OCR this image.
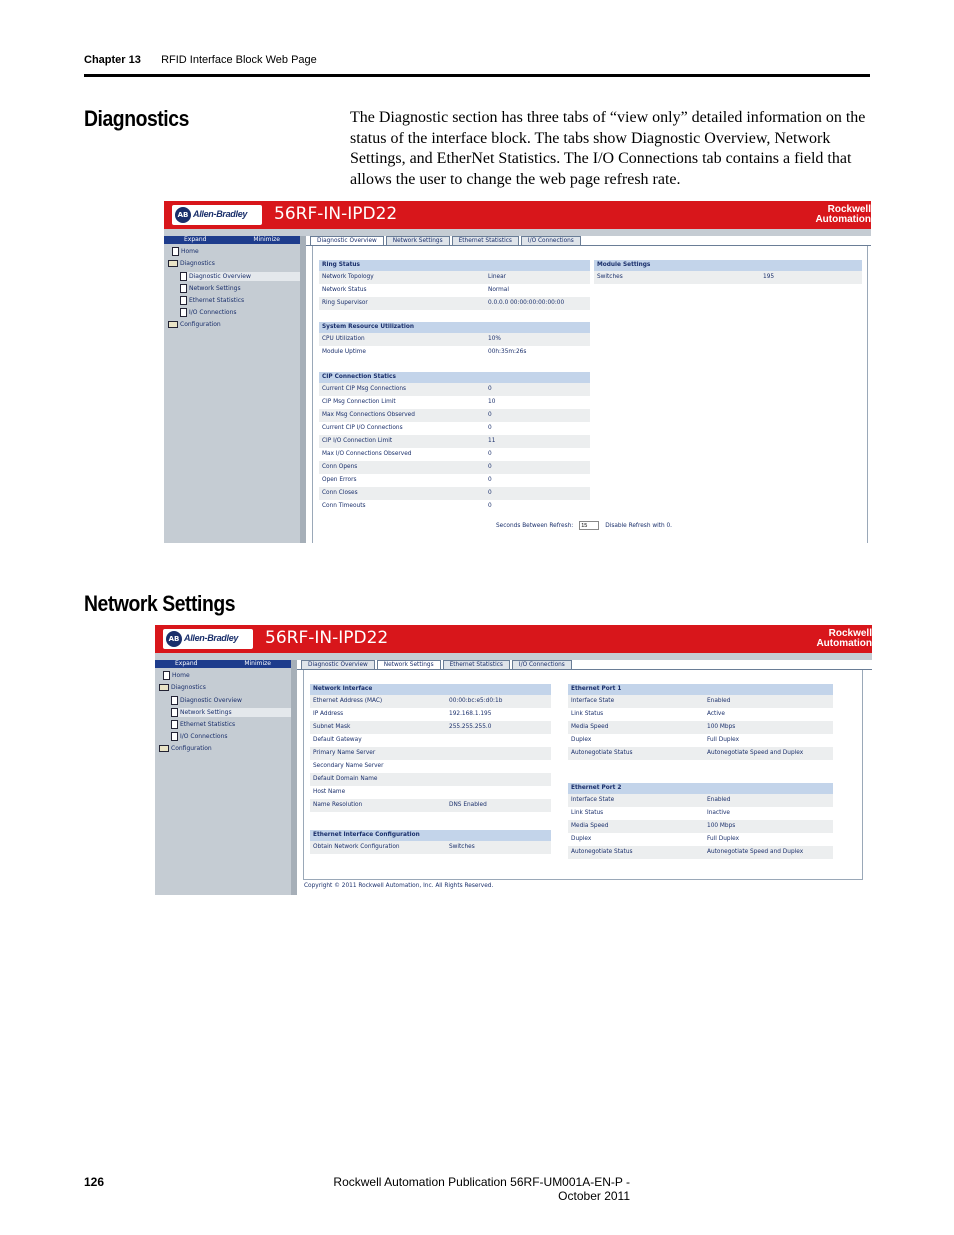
Chapter 13 RFID Interface Block Web Page
Diagnostics	The Diagnostic section has three tabs of “view only” detailed information on the status of the interface block. The tabs show Diagnostic Overview, Network Settings, and EtherNet Statistics. The I/O Connections tab contains a field that allows the user to change the web page refresh rate.

AB Allen-Bradley 56RF-IN-IPD22	Rockwell
Automation
Expand	Minimize
Home
Diagnostics
Diagnostic Overview
Network Settings
Ethernet Statistics
I/O Connections
Configuration
Diagnostic Overview	Network Settings	Ethernet Statistics	I/O Connections
Ring Status
Network Topology	Linear
Network Status	Normal
Ring Supervisor	0.0.0.0 00:00:00:00:00:00
Module Settings
Switches	195
System Resource Utilization
CPU Utilization	10%
Module Uptime	00h:35m:26s
CIP Connection Statics
Current CIP Msg Connections	0
CIP Msg Connection Limit	10
Max Msg Connections Observed	0
Current CIP I/O Connections	0
CIP I/O Connection Limit	11
Max I/O Connections Observed	0
Conn Opens	0
Open Errors	0
Conn Closes	0
Conn Timeouts	0
Seconds Between Refresh:
15	Disable Refresh with 0.
Network Settings
AB Allen-Bradley 56RF-IN-IPD22	Rockwell
Automation
Expand	Minimize
Home
Diagnostics
Diagnostic Overview
Network Settings
Ethernet Statistics
I/O Connections
Configuration
Diagnostic Overview	Network Settings	Ethernet Statistics	I/O Connections
Network Interface
Ethernet Address (MAC)	00:00:bc:e5:d0:1b
IP Address	192.168.1.195
Subnet Mask	255.255.255.0
Default Gateway
Primary Name Server
Secondary Name Server
Default Domain Name
Host Name
Name Resolution	DNS Enabled
Ethernet Port 1
Interface State	Enabled
Link Status	Active
Media Speed	100 Mbps
Duplex	Full Duplex
Autonegotiate Status	Autonegotiate Speed and Duplex
Ethernet Port 2
Interface State	Enabled
Link Status	Inactive
Media Speed	100 Mbps
Duplex	Full Duplex
Autonegotiate Status	Autonegotiate Speed and Duplex
Ethernet Interface Configuration
Obtain Network Configuration	Switches
Copyright © 2011 Rockwell Automation, Inc. All Rights Reserved.
126	Rockwell Automation Publication 56RF-UM001A-EN-P - October 2011
